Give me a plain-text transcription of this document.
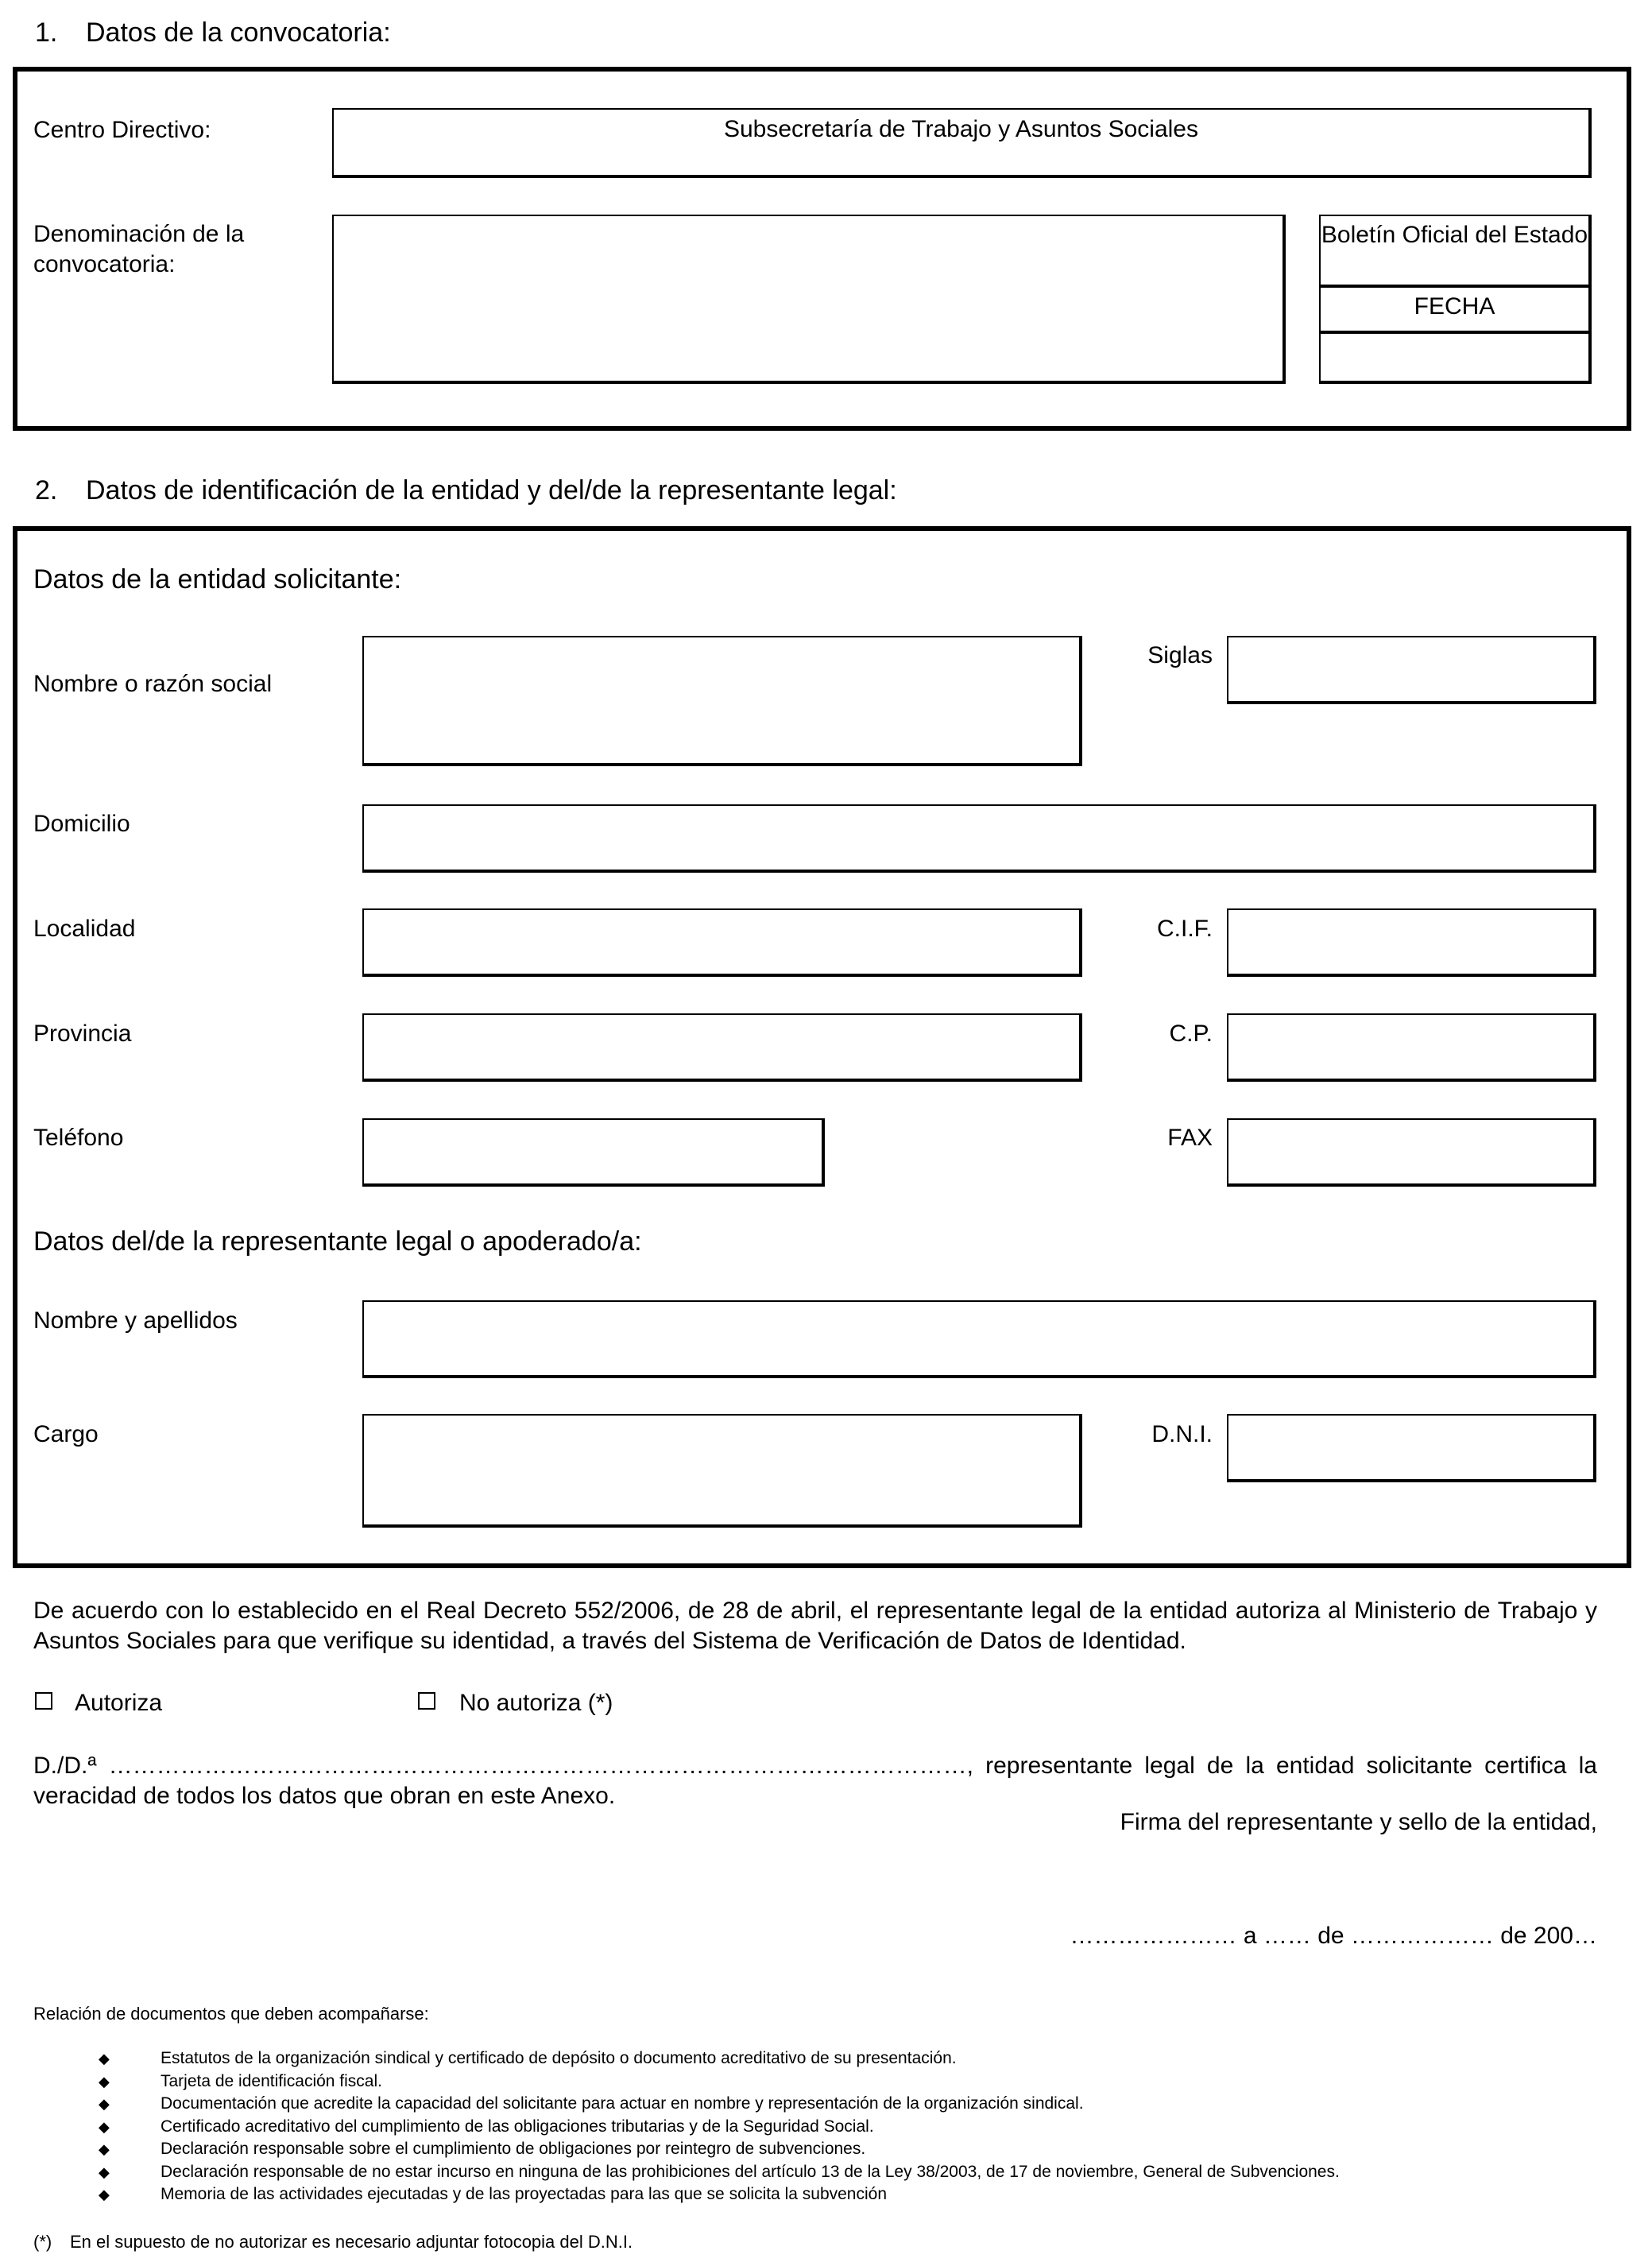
1. Datos de la convocatoria:
Centro Directivo:	Subsecretaría de Trabajo y Asuntos Sociales
Denominación de la convocatoria:
Boletín Oficial del Estado
FECHA
2. Datos de identificación de la entidad y del/de la representante legal:
Datos de la entidad solicitante:
Nombre o razón social
Siglas
Domicilio
Localidad	C.I.F.
Provincia	C.P.
Teléfono	FAX
Datos del/de la representante legal o apoderado/a:
Nombre y apellidos
Cargo	D.N.I.
De acuerdo con lo establecido en el Real Decreto 552/2006, de 28 de abril, el representante legal de la entidad autoriza al Ministerio de Trabajo y Asuntos Sociales para que verifique su identidad, a través del Sistema de Verificación de Datos de Identidad.
Autoriza	No autoriza (*)
D./D.ª ………………………………………………………………………………………………, representante legal de la entidad solicitante certifica la veracidad de todos los datos que obran en este Anexo.
Firma del representante y sello de la entidad,
………………… a …… de ……………… de 200…
Relación de documentos que deben acompañarse:
◆	Estatutos de la organización sindical y certificado de depósito o documento acreditativo de su presentación.
◆	Tarjeta de identificación fiscal.
◆	Documentación que acredite la capacidad del solicitante para actuar en nombre y representación de la organización sindical.
◆	Certificado acreditativo del cumplimiento de las obligaciones tributarias y de la Seguridad Social.
◆	Declaración responsable sobre el cumplimiento de obligaciones por reintegro de subvenciones.
◆	Declaración responsable de no estar incurso en ninguna de las prohibiciones del artículo 13 de la Ley 38/2003, de 17 de noviembre, General de Subvenciones.
◆	Memoria de las actividades ejecutadas y de las proyectadas para las que se solicita la subvención
(*) En el supuesto de no autorizar es necesario adjuntar fotocopia del D.N.I.
